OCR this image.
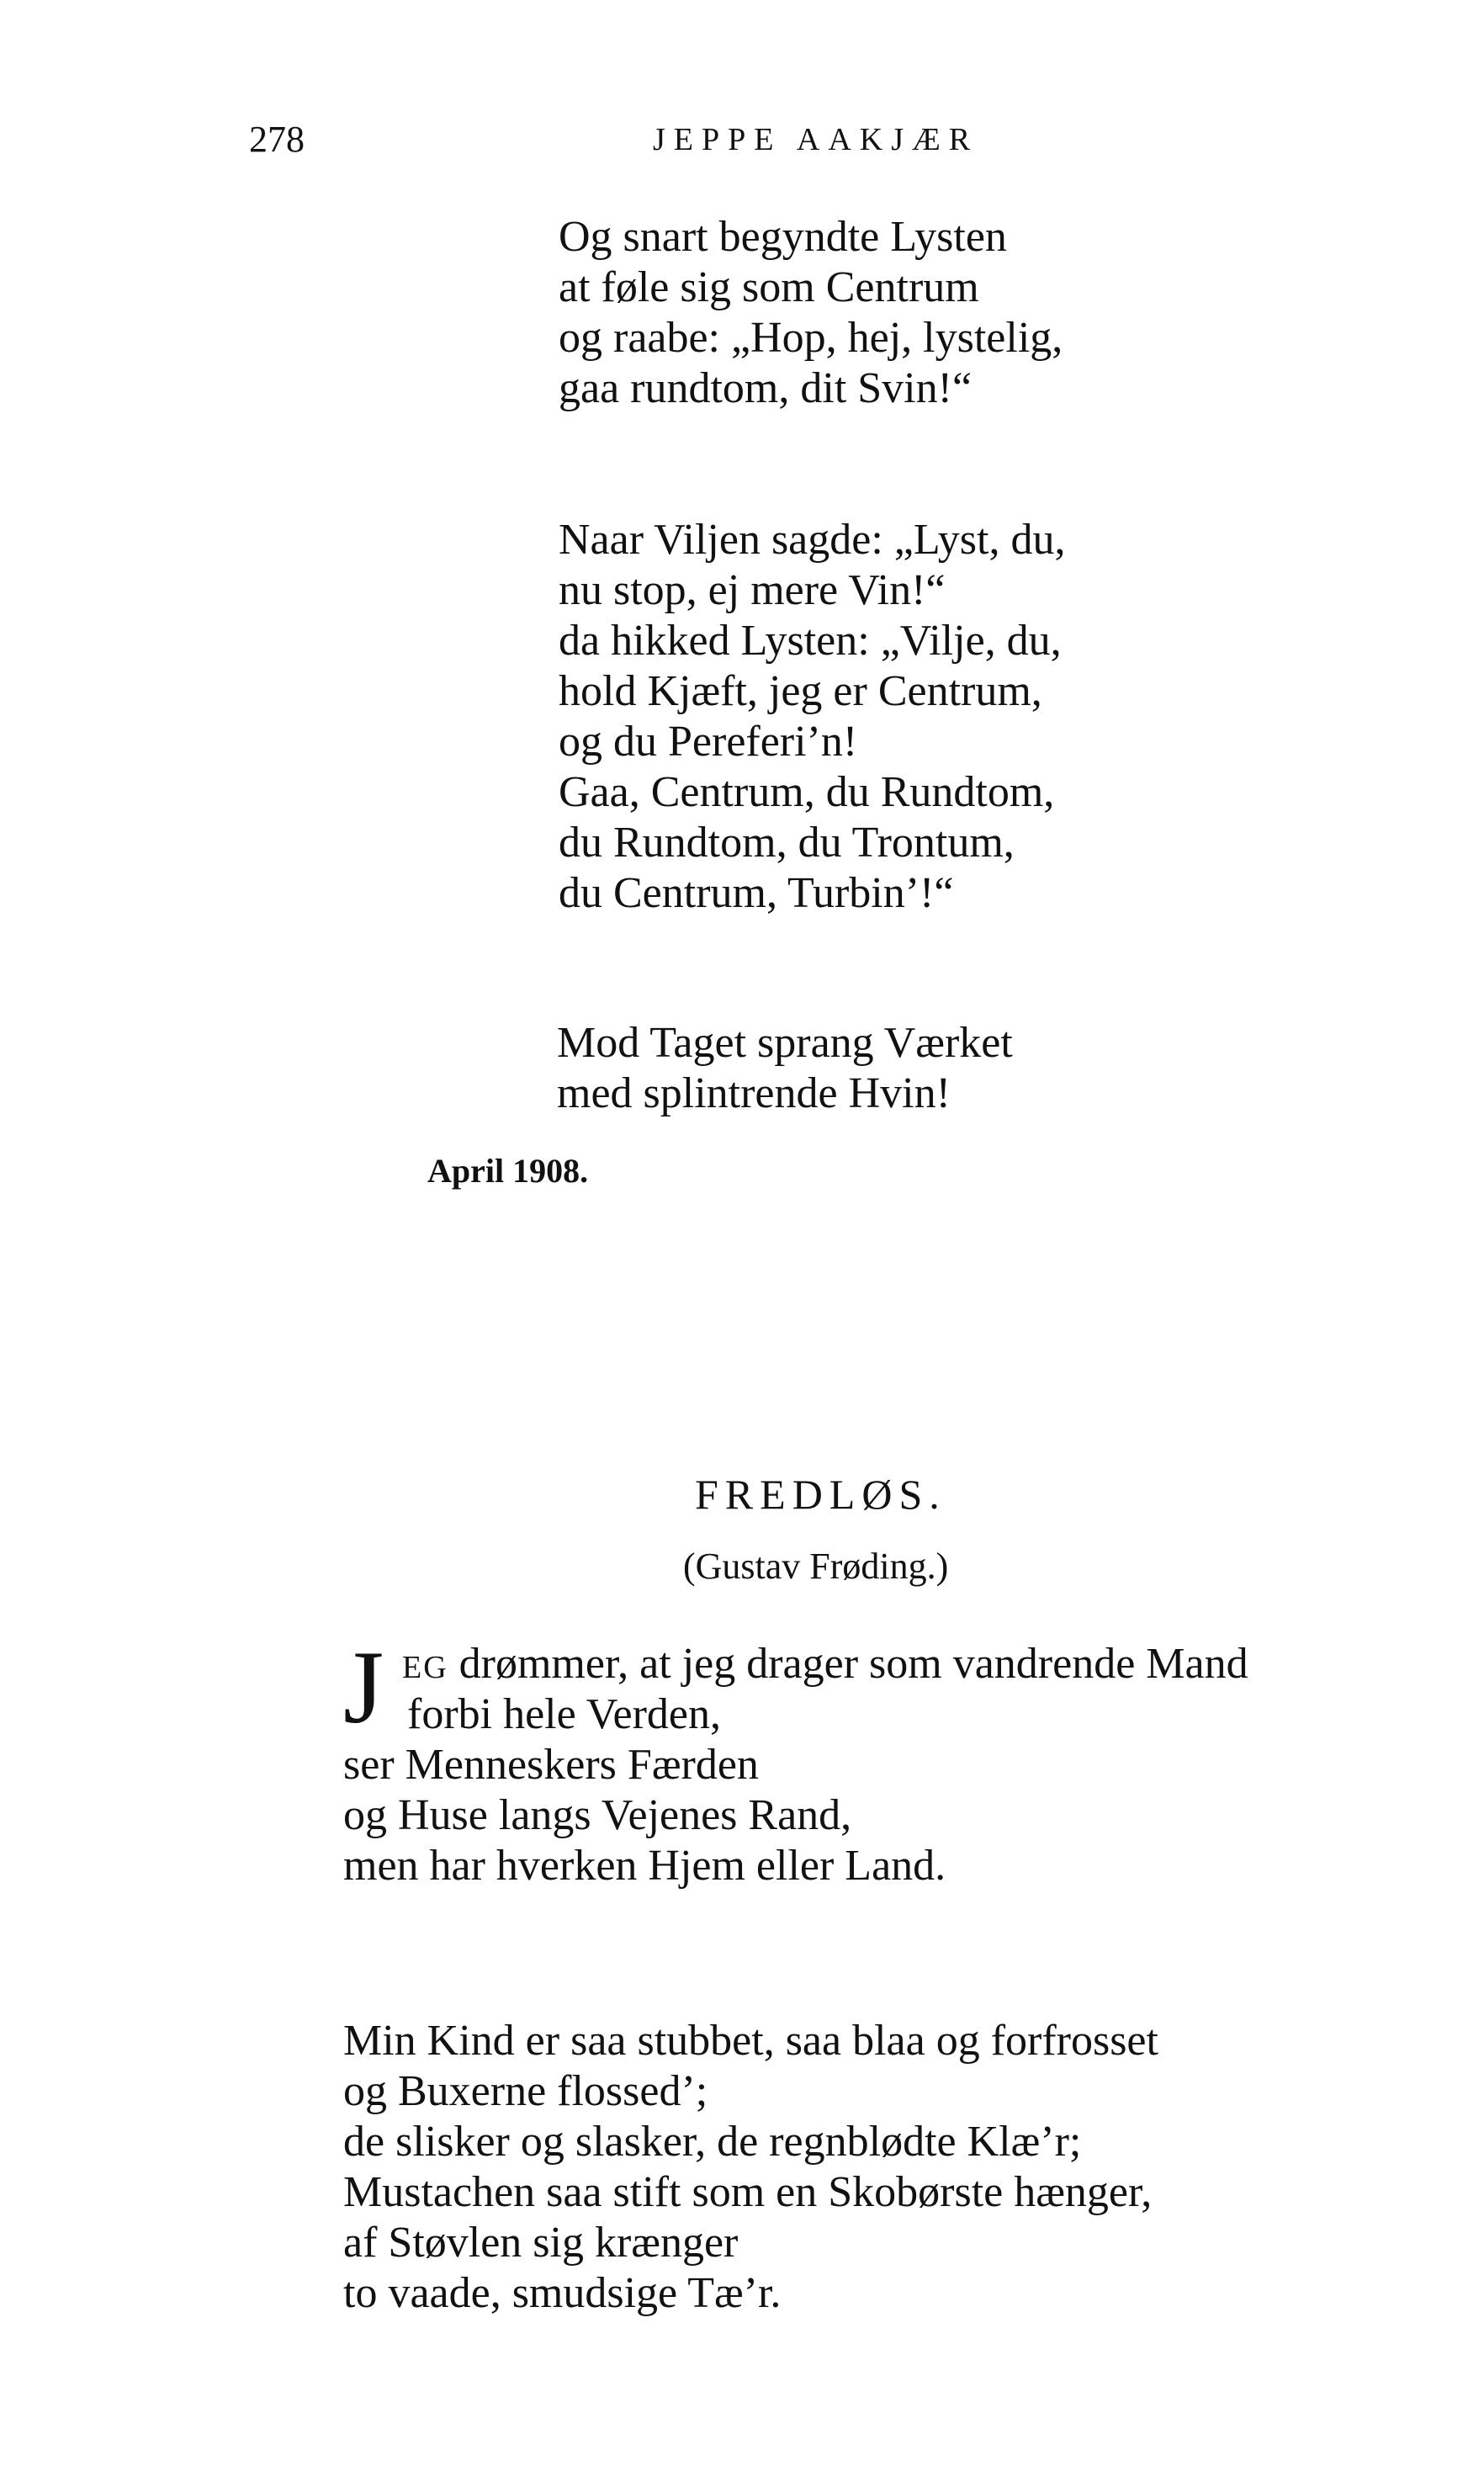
278	JEPPE AAKJÆR
Og snart begyndte Lysten
at føle sig som Centrum
og raabe: „Hop, hej, lystelig,
gaa rundtom, dit Svin!“
Naar Viljen sagde: „Lyst, du,
nu stop, ej mere Vin!“
da hikked Lysten: „Vilje, du,
hold Kjæft, jeg er Centrum,
og du Pereferi’n!
Gaa, Centrum, du Rundtom,
du Rundtom, du Trontum,
du Centrum, Turbin’!“
Mod Taget sprang Værket
med splintrende Hvin!
April 1908.
FREDLØS.
(Gustav Frøding.)
J EG drømmer, at jeg drager som vandrende Mand
forbi hele Verden,
ser Menneskers Færden
og Huse langs Vejenes Rand,
men har hverken Hjem eller Land.
Min Kind er saa stubbet, saa blaa og forfrosset
og Buxerne flossed’;
de slisker og slasker, de regnblødte Klæ’r;
Mustachen saa stift som en Skobørste hænger,
af Støvlen sig krænger
to vaade, smudsige Tæ’r.
